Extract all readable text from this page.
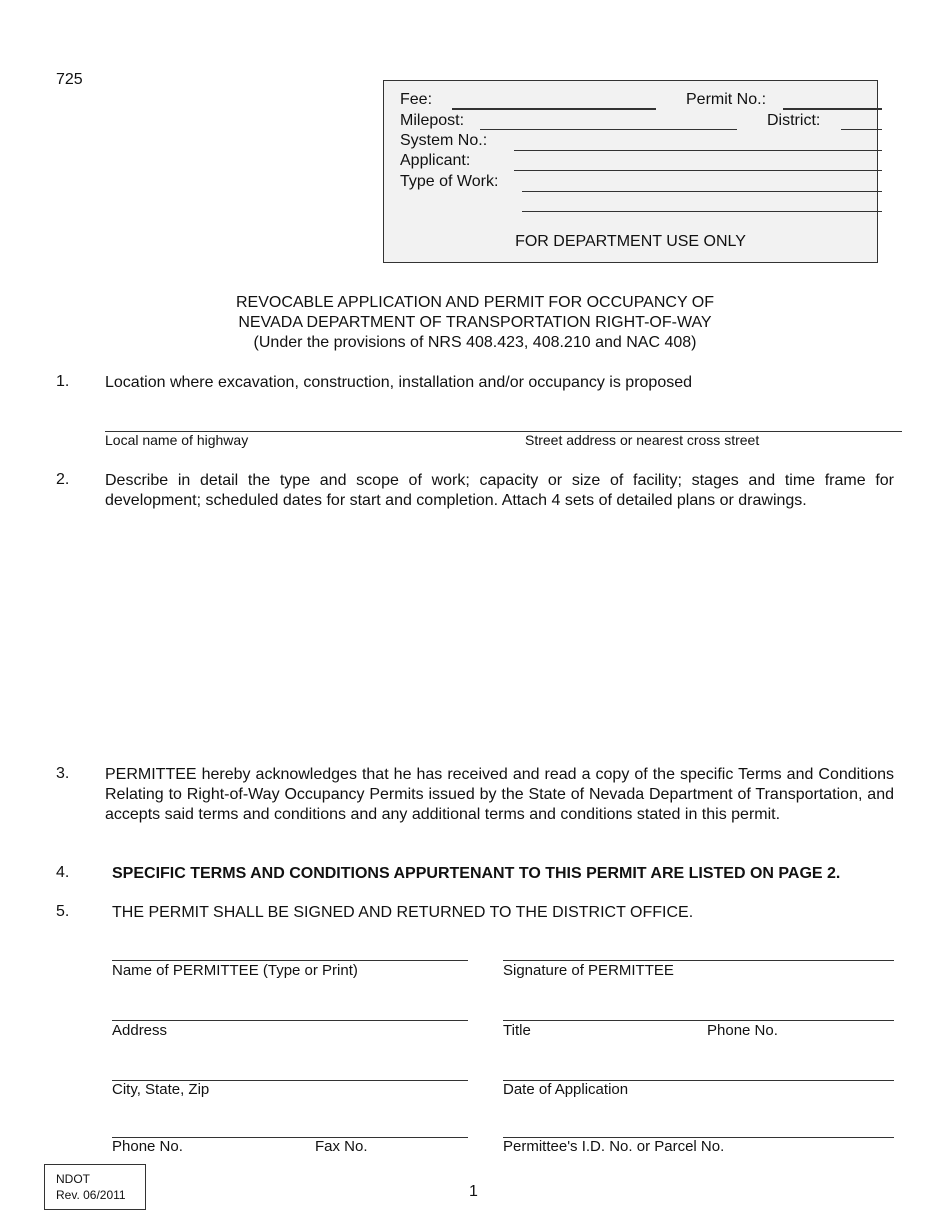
725
Fee:	Permit No.:
Milepost:	District:
System No.:
Applicant:
Type of Work:
FOR DEPARTMENT USE ONLY
REVOCABLE APPLICATION AND PERMIT FOR OCCUPANCY OF
NEVADA DEPARTMENT OF TRANSPORTATION RIGHT-OF-WAY
(Under the provisions of NRS 408.423, 408.210 and NAC 408)
1. Location where excavation, construction, installation and/or occupancy is proposed
Local name of highway	Street address or nearest cross street
2. Describe in detail the type and scope of work; capacity or size of facility; stages and time frame for development; scheduled dates for start and completion. Attach 4 sets of detailed plans or drawings.
3. PERMITTEE hereby acknowledges that he has received and read a copy of the specific Terms and Conditions Relating to Right-of-Way Occupancy Permits issued by the State of Nevada Department of Transportation, and accepts said terms and conditions and any additional terms and conditions stated in this permit.
4.	SPECIFIC TERMS AND CONDITIONS APPURTENANT TO THIS PERMIT ARE LISTED ON PAGE 2.
5.	THE PERMIT SHALL BE SIGNED AND RETURNED TO THE DISTRICT OFFICE.
Name of PERMITTEE (Type or Print)	Signature of PERMITTEE
Address	Title	Phone No.
City, State, Zip	Date of Application
Phone No.	Fax No.	Permittee's I.D. No. or Parcel No.
NDOT
Rev. 06/2011	1
